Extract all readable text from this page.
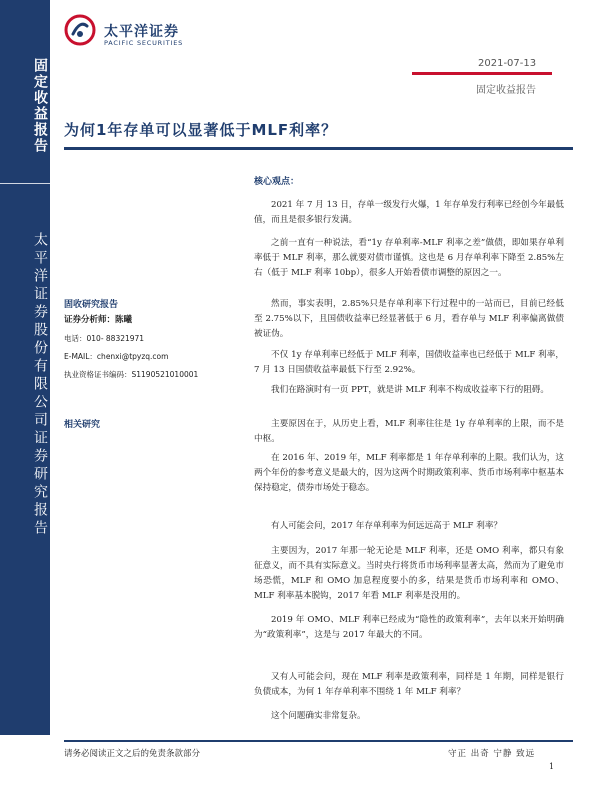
固定收益报告
太平洋证券股份有限公司证券研究报告
太平洋证券
PACIFIC SECURITIES
2021-07-13
固定收益报告
为何1年存单可以显著低于MLF利率？
固收研究报告
证券分析师：陈曦
电话：010- 88321971
E-MAIL：chenxi@tpyzq.com
执业资格证书编码：S1190521010001
相关研究
核心观点：
2021 年 7 月 13 日，存单一级发行火爆，1 年存单发行利率已经创今年最低值，而且是很多银行发满。
之前一直有一种说法，看“1y 存单利率-MLF 利率之差”做债，即如果存单利率低于 MLF 利率，那么就要对债市谨慎。这也是 6 月存单利率下降至 2.85%左右（低于 MLF 利率 10bp），很多人开始看债市调整的原因之一。
然而，事实表明，2.85%只是存单利率下行过程中的一站而已，目前已经低至 2.75%以下，且国债收益率已经显著低于 6 月，看存单与 MLF 利率偏离做债被证伪。
不仅 1y 存单利率已经低于 MLF 利率，国债收益率也已经低于 MLF 利率，7 月 13 日国债收益率最低下行至 2.92%。
我们在路演时有一页 PPT，就是讲 MLF 利率不构成收益率下行的阻碍。
主要原因在于，从历史上看，MLF 利率往往是 1y 存单利率的上限，而不是中枢。
在 2016 年、2019 年，MLF 利率都是 1 年存单利率的上限。我们认为，这两个年份的参考意义是最大的，因为这两个时期政策利率、货币市场利率中枢基本保持稳定，债券市场处于稳态。
有人可能会问，2017 年存单利率为何远远高于 MLF 利率？
主要因为，2017 年那一轮无论是 MLF 利率，还是 OMO 利率，都只有象征意义，而不具有实际意义。当时央行将货币市场利率显著太高，然而为了避免市场恐慌，MLF 和 OMO 加息程度要小的多，结果是货币市场利率和 OMO、MLF 利率基本脱钩，2017 年看 MLF 利率是没用的。
2019 年 OMO、MLF 利率已经成为“隐性的政策利率”，去年以来开始明确为“政策利率”，这是与 2017 年最大的不同。
又有人可能会问，现在 MLF 利率是政策利率，同样是 1 年期，同样是银行负债成本，为何 1 年存单利率不围绕 1 年 MLF 利率？
这个问题确实非常复杂。
请务必阅读正文之后的免责条款部分	守正 出奇 宁静 致远
1
